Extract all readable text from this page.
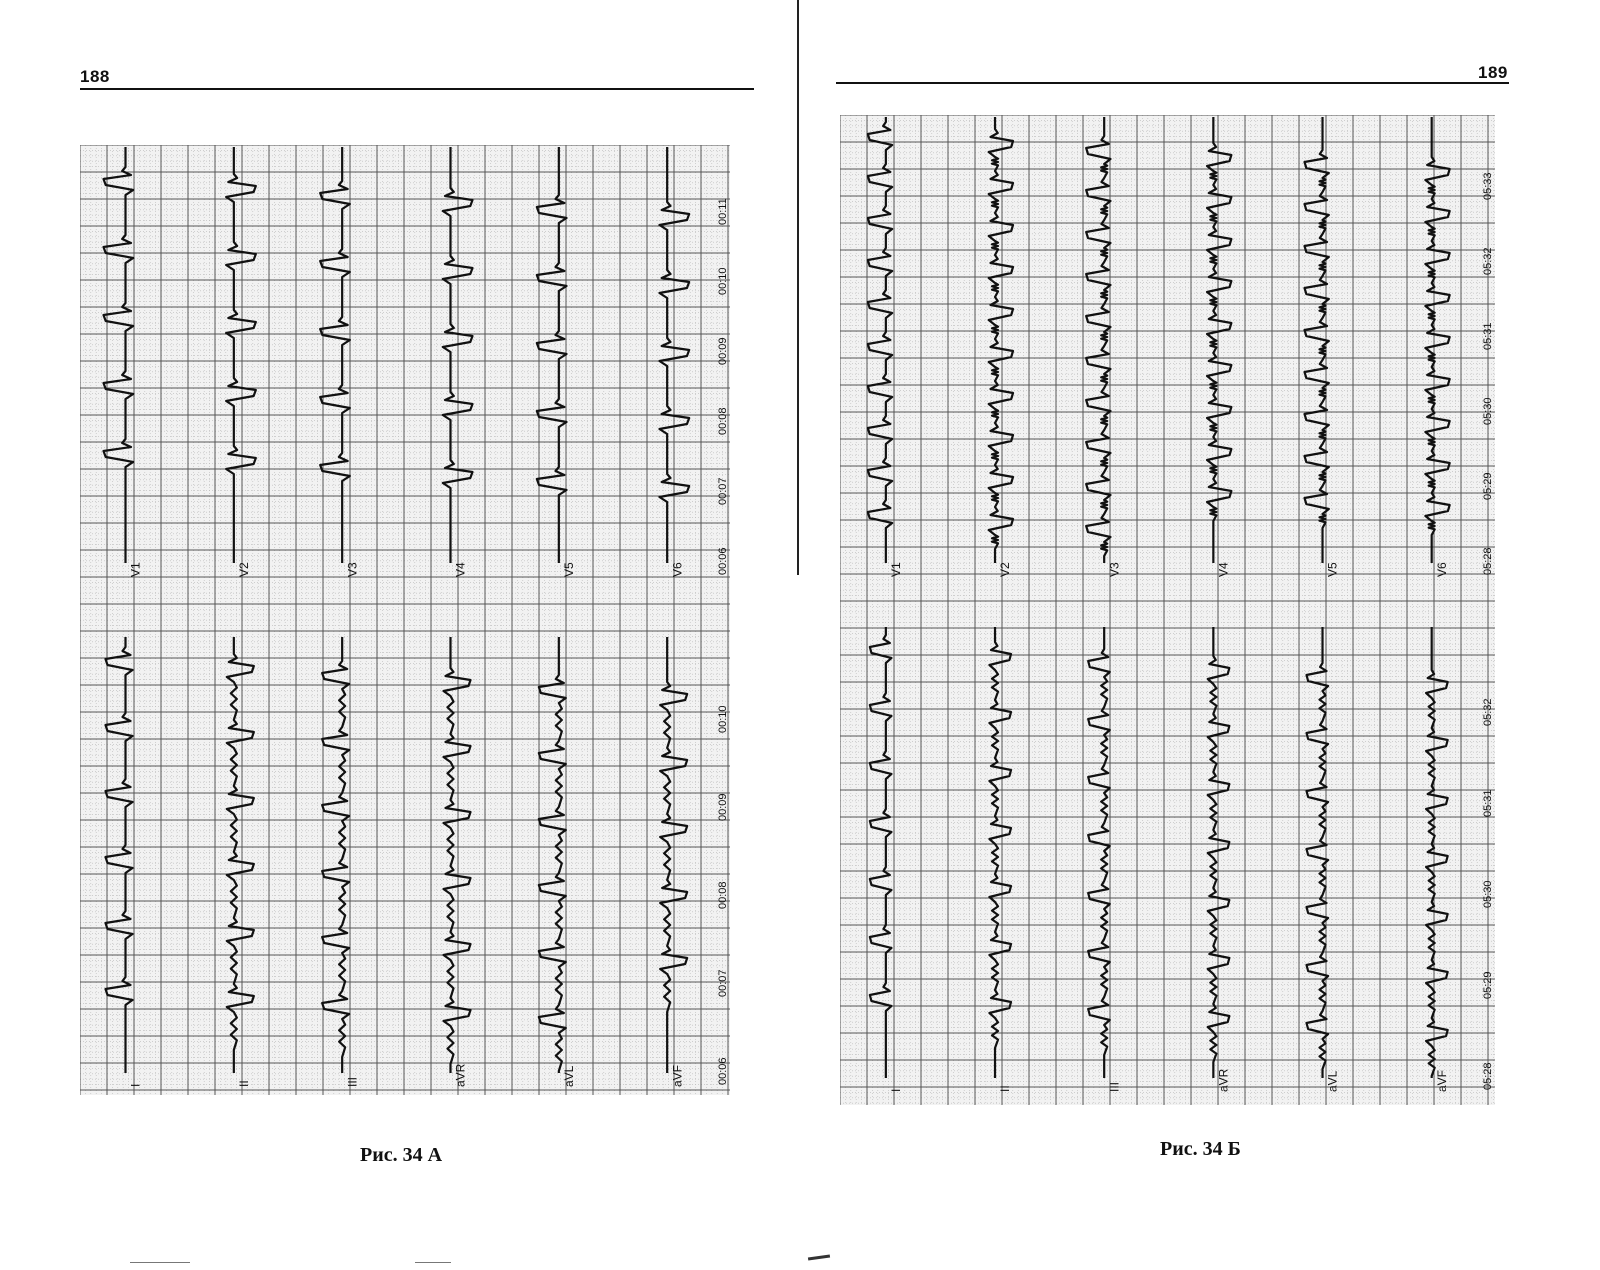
188
V1	V2	V3	V4	V5	V6	00:06
00:07
00:08
00:09
00:10
00:11
I	II	III	aVR	aVL	aVF	00:06
00:07
00:08
00:09
00:10
Рис. 34 А
189
V1	V2	V3	V4	V5	V6	05:28
05:29
05:30
05:31
05:32
05:33
I	II	III	aVR	aVL	aVF	05:28
05:29
05:30
05:31
05:32
Рис. 34 Б
